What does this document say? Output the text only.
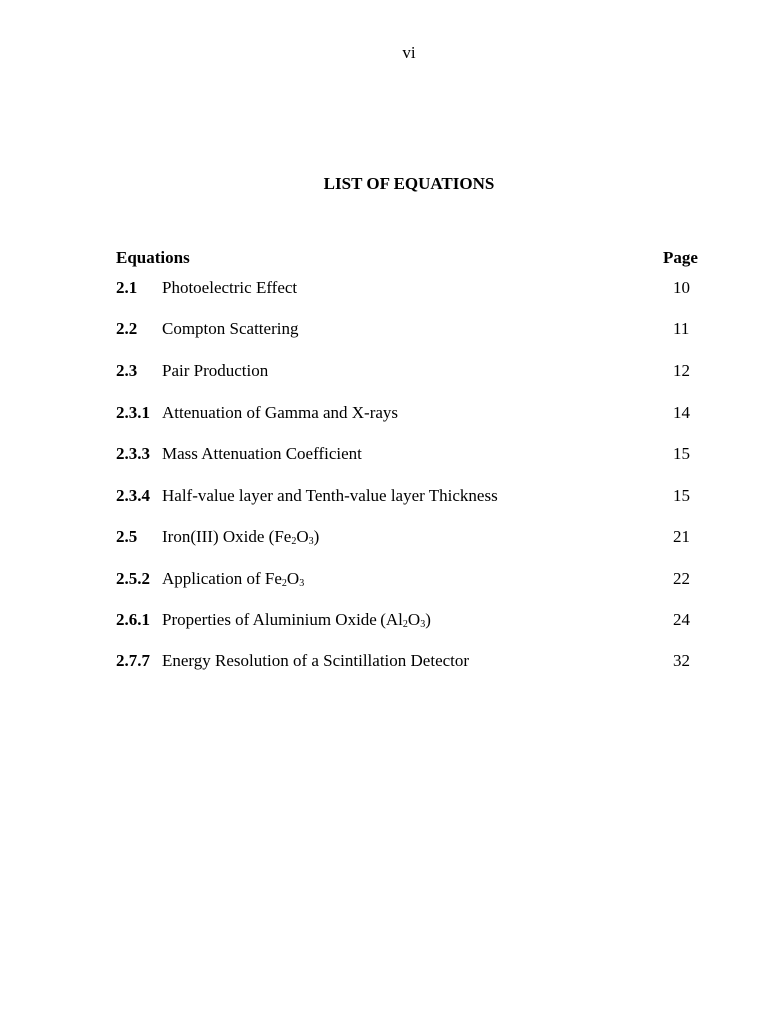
vi
LIST OF EQUATIONS
Equations	Page
2.1 Photoelectric Effect	10
2.2 Compton Scattering	11
2.3 Pair Production	12
2.3.1 Attenuation of Gamma and X-rays	14
2.3.3 Mass Attenuation Coefficient	15
2.3.4 Half-value layer and Tenth-value layer Thickness	15
2.5 Iron(III) Oxide $(Fe_2O_3)$	21
2.5.2 Application of $Fe_2O_3$	22
2.6.1 Properties of Aluminium Oxide $(Al_2O_3)$	24
2.7.7 Energy Resolution of a Scintillation Detector	32
